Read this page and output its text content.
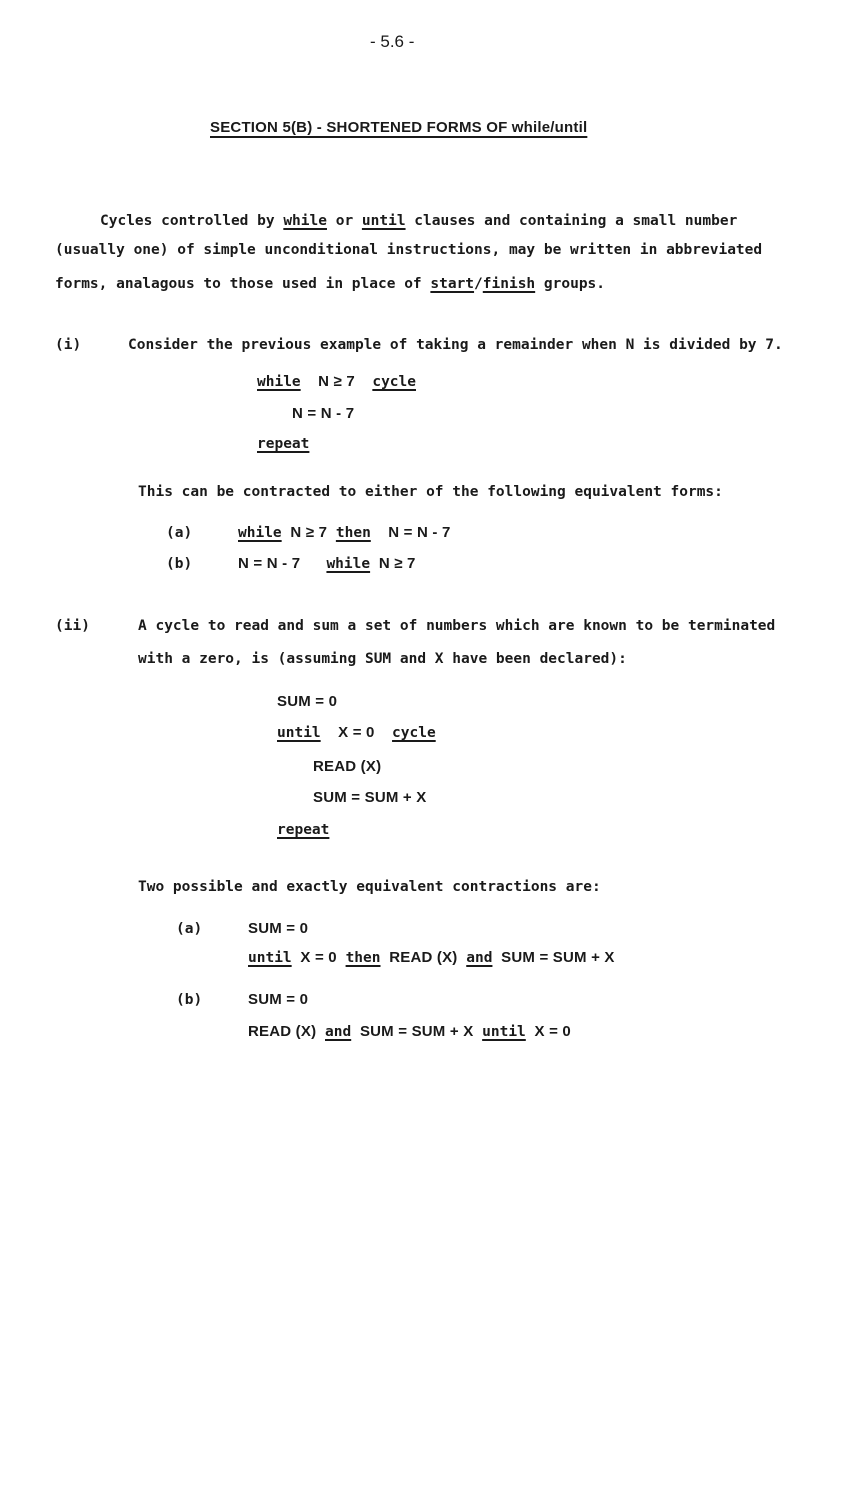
- 5.6 -
SECTION 5(B) - SHORTENED FORMS OF while/until
Cycles controlled by while or until clauses and containing a small number
(usually one) of simple unconditional instructions, may be written in abbreviated
forms, analagous to those used in place of start/finish groups.
(i)	Consider the previous example of taking a remainder when N is divided by 7.
while N ≥ 7 cycle
N = N - 7
repeat
This can be contracted to either of the following equivalent forms:
(a)	while N ≥ 7 then N = N - 7
(b)	N = N - 7 while N ≥ 7
(ii)	A cycle to read and sum a set of numbers which are known to be terminated
with a zero, is (assuming SUM and X have been declared):
SUM = 0
until X = 0 cycle
READ (X)
SUM = SUM + X
repeat
Two possible and exactly equivalent contractions are:
(a)	SUM = 0
until X = 0 then READ (X) and SUM = SUM + X
(b)	SUM = 0
READ (X) and SUM = SUM + X until X = 0
